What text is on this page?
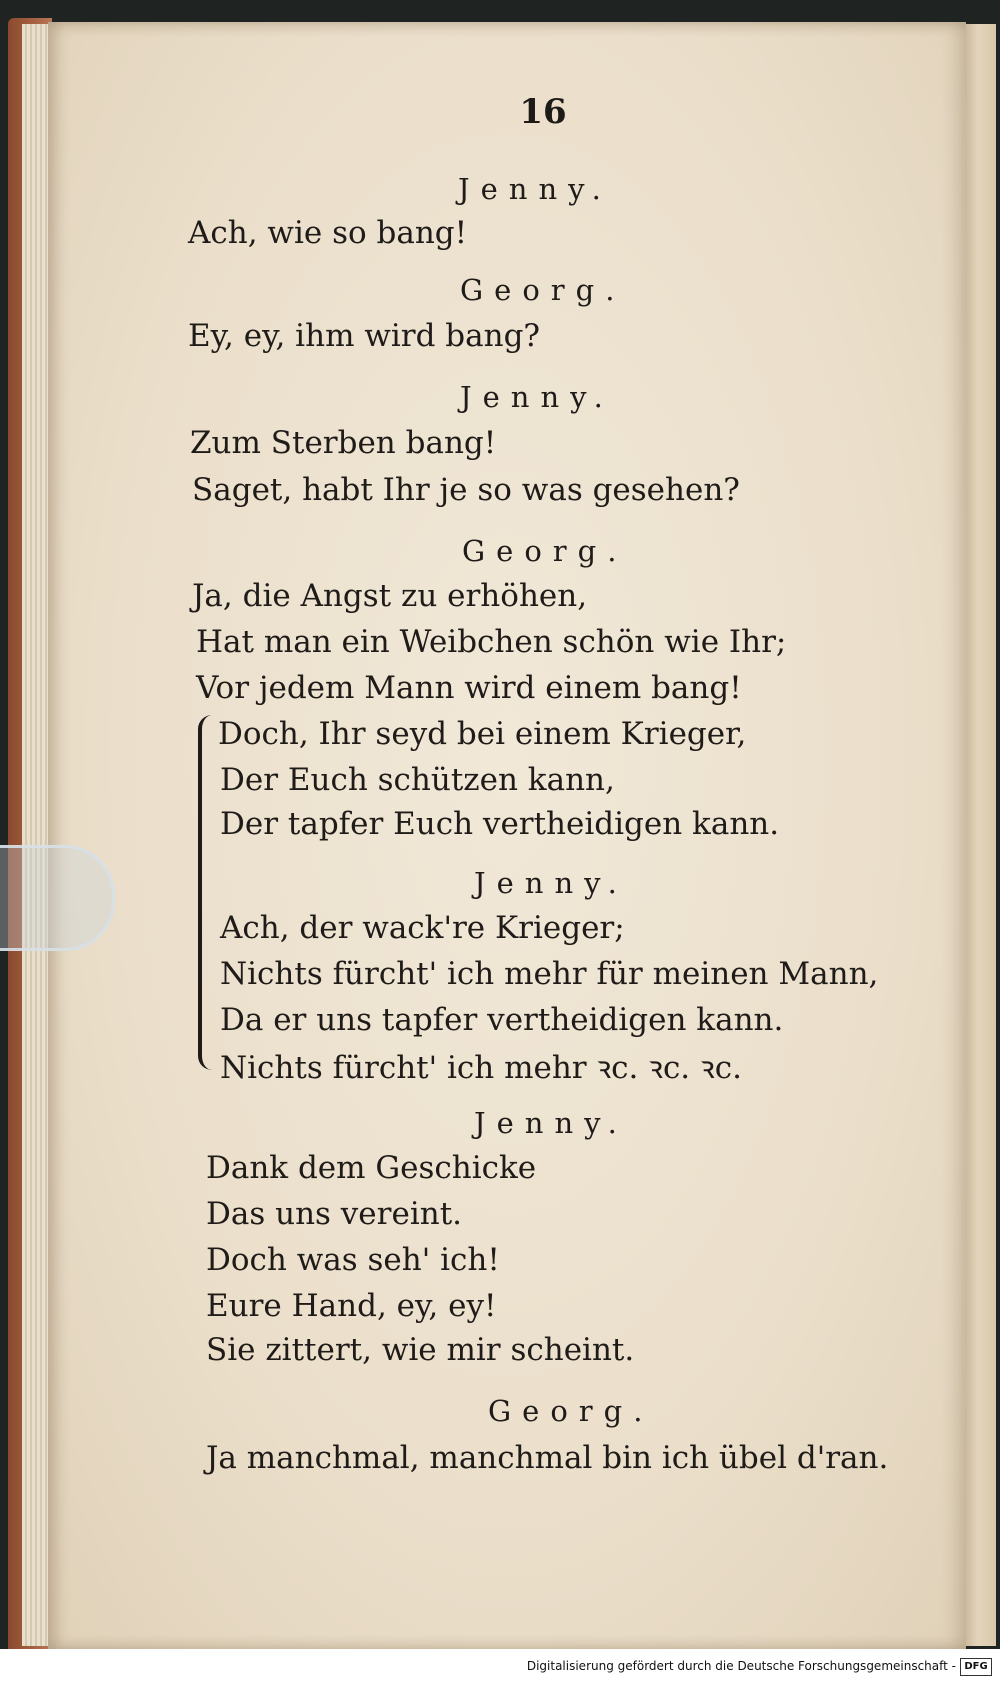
16
Jenny.
Ach, wie so bang!
Georg.
Ey, ey, ihm wird bang?
Jenny.
Zum Sterben bang!
Saget, habt Ihr je so was gesehen?
Georg.
Ja, die Angst zu erhöhen,
Hat man ein Weibchen schön wie Ihr;
Vor jedem Mann wird einem bang!
Doch, Ihr seyd bei einem Krieger,
Der Euch schützen kann,
Der tapfer Euch vertheidigen kann.
Jenny.
Ach, der wack're Krieger;
Nichts fürcht' ich mehr für meinen Mann,
Da er uns tapfer vertheidigen kann.
Nichts fürcht' ich mehr ꝛc. ꝛc. ꝛc.
Jenny.
Dank dem Geschicke
Das uns vereint.
Doch was seh' ich!
Eure Hand, ey, ey!
Sie zittert, wie mir scheint.
Georg.
Ja manchmal, manchmal bin ich übel d'ran.
Digitalisierung gefördert durch die Deutsche Forschungsgemeinschaft - DFG
